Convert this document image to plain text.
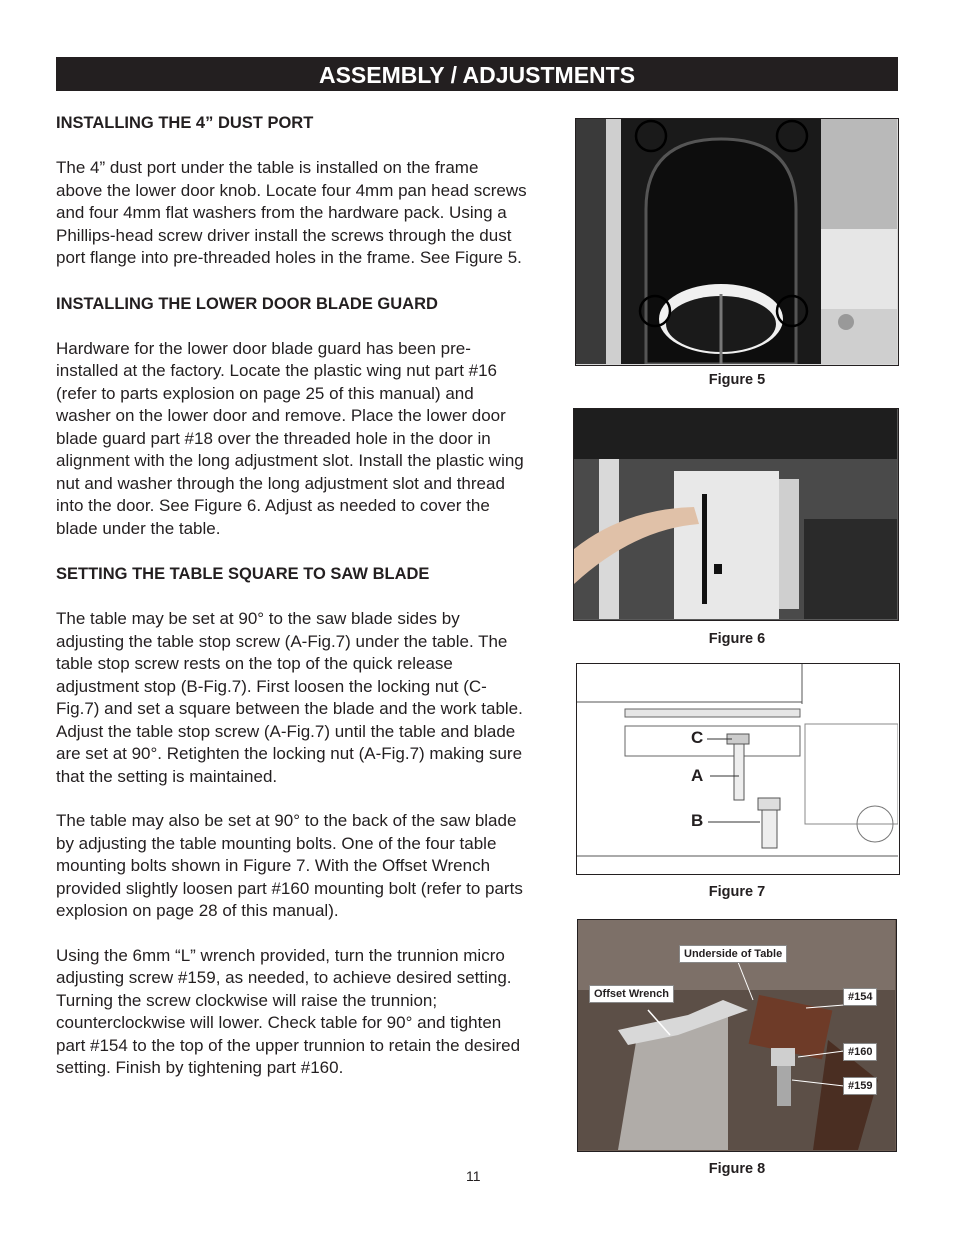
ASSEMBLY / ADJUSTMENTS

INSTALLING THE 4” DUST PORT

The 4” dust port under the table is installed on the frame above the lower door knob. Locate four 4mm pan head screws and four 4mm flat washers from the hardware pack. Using a Phillips-head screw driver install the screws through the dust port flange into pre-threaded holes in the frame. See Figure 5.

INSTALLING THE LOWER DOOR BLADE GUARD

Hardware for the lower door blade guard has been pre-installed at the factory. Locate the plastic wing nut part #16 (refer to parts explosion on page 25 of this manual) and washer on the lower door and remove. Place the lower door blade guard part #18 over the threaded hole in the door in alignment with the long adjustment slot. Install the plastic wing nut and washer through the long adjustment slot and thread into the door. See Figure 6. Adjust as needed to cover the blade under the table.

SETTING THE TABLE SQUARE TO SAW BLADE

The table may be set at 90° to the saw blade sides by adjusting the table stop screw (A-Fig.7) under the table. The table stop screw rests on the top of the quick release adjustment stop (B-Fig.7). First loosen the locking nut (C-Fig.7) and set a square between the blade and the work table. Adjust the table stop screw (A-Fig.7) until the table and blade are set at 90°. Retighten the locking nut (A-Fig.7) making sure that the setting is maintained.

The table may also be set at 90° to the back of the saw blade by adjusting the table mounting bolts. One of the four table mounting bolts shown in Figure 7. With the Offset Wrench provided slightly loosen part #160 mounting bolt (refer to parts explosion on page 28 of this manual).

Using the 6mm “L” wrench provided, turn the trunnion micro adjusting screw #159, as needed, to achieve desired setting. Turning the screw clockwise will raise the trunnion; counterclockwise will lower. Check table for 90° and tighten part #154 to the top of the upper trunnion to retain the desired setting. Finish by tightening part #160.

Figure 5
Figure 6
C
A
B
Figure 7
Underside of Table
Offset Wrench	#154
#160
#159
Figure 8
11
